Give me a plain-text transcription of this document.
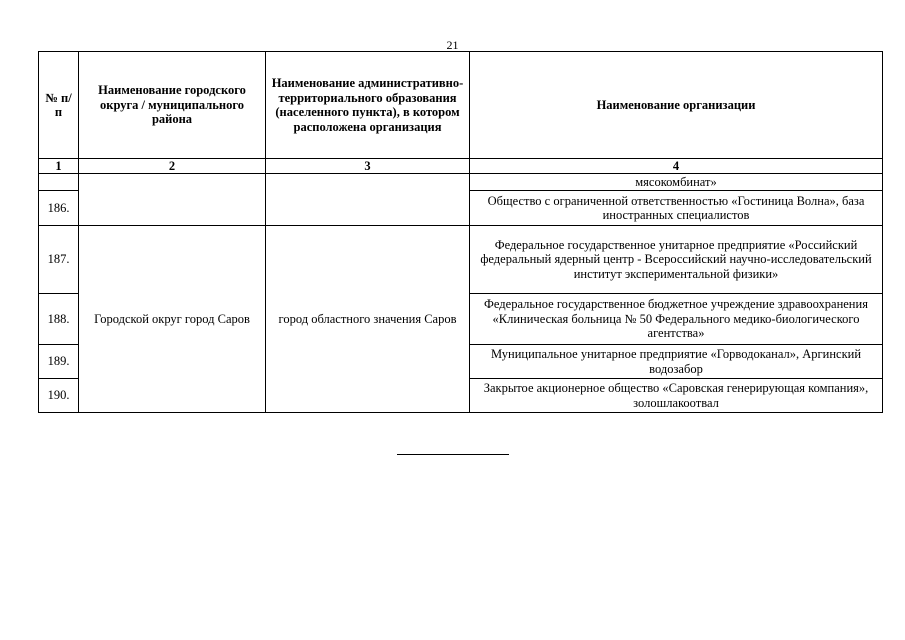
21
№ п/п	Наименование городского округа / муниципального района	Наименование административно-территориального образования (населенного пункта), в котором расположена организация	Наименование организации
1	2	3	4
			мясокомбинат»
186.			Общество с ограниченной ответственностью «Гостиница Волна», база иностранных специалистов
187.	Городской округ город Саров	город областного значения Саров	Федеральное государственное унитарное предприятие «Российский федеральный ядерный центр - Всероссийский научно-исследовательский институт экспериментальной физики»
188.			Федеральное государственное бюджетное учреждение здравоохранения «Клиническая больница № 50 Федерального медико-биологического агентства»
189.			Муниципальное унитарное предприятие «Горводоканал», Аргинский водозабор
190.			Закрытое акционерное общество «Саровская генерирующая компания», золошлакоотвал
